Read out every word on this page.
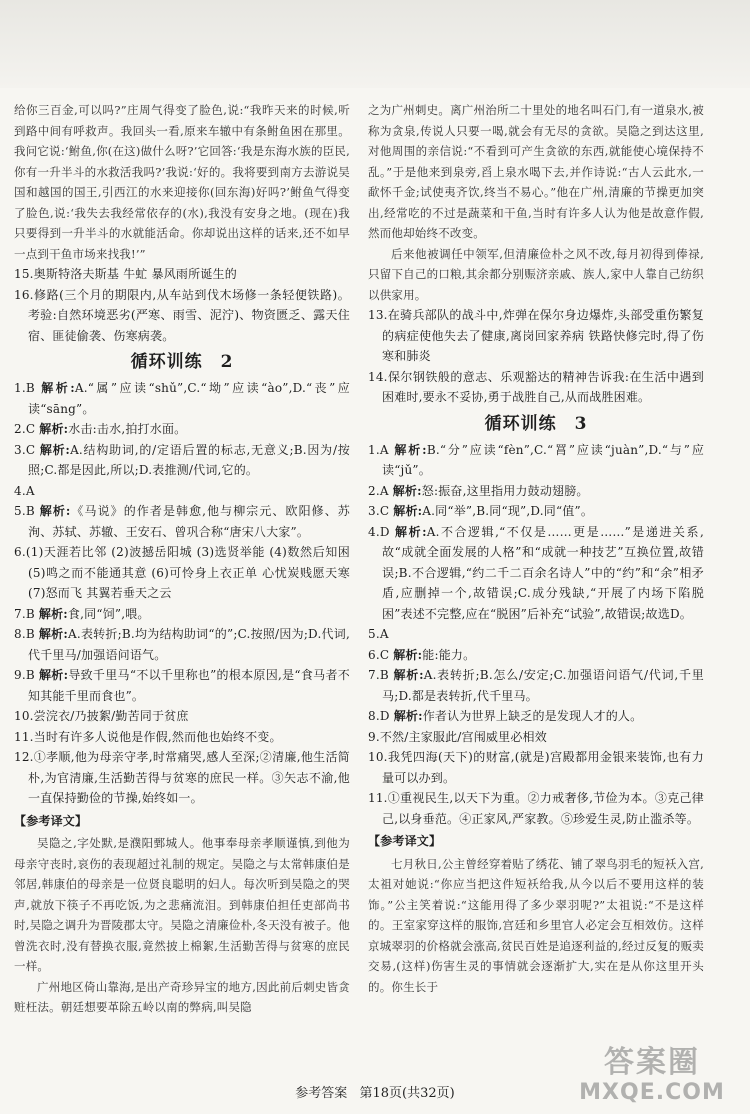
给你三百金,可以吗?”庄周气得变了脸色,说:“我昨天来的时候,听到路中间有呼救声。我回头一看,原来车辙中有条鲋鱼困在那里。我问它说:‘鲋鱼,你(在这)做什么呀?’它回答:‘我是东海水族的臣民,你有一升半斗的水救活我吗?’我说:‘好的。我将要到南方去游说吴国和越国的国王,引西江的水来迎接你(回东海)好吗?’鲋鱼气得变了脸色,说:‘我失去我经常依存的(水),我没有安身之地。(现在)我只要得到一升半斗的水就能活命。你却说出这样的话来,还不如早一点到干鱼市场来找我!’”

15.奥斯特洛夫斯基 牛虻 暴风雨所诞生的

16.修路(三个月的期限内,从车站到伐木场修一条轻便铁路)。考验:自然环境恶劣(严寒、雨雪、泥泞)、物资匮乏、露天住宿、匪徒偷袭、伤寒病袭。

循环训练 2

1.B 解析:A.“属”应读“shǔ”,C.“坳”应读“ào”,D.“丧”应读“sāng”。

2.C 解析:水击:击水,拍打水面。

3.C 解析:A.结构助词,的/定语后置的标志,无意义;B.因为/按照;C.都是因此,所以;D.表推测/代词,它的。

4.A

5.B 解析:《马说》的作者是韩愈,他与柳宗元、欧阳修、苏洵、苏轼、苏辙、王安石、曾巩合称“唐宋八大家”。

6.(1)天涯若比邻 (2)波撼岳阳城 (3)选贤举能 (4)数然后知困 (5)鸣之而不能通其意 (6)可怜身上衣正单 心忧炭贱愿天寒 (7)怒而飞 其翼若垂天之云

7.B 解析:食,同“饲”,喂。

8.B 解析:A.表转折;B.均为结构助词“的”;C.按照/因为;D.代词,代千里马/加强语问语气。

9.B 解析:导致千里马“不以千里称也”的根本原因,是“食马者不知其能千里而食也”。

10.尝浣衣/乃披絮/勤苦同于贫庶

11.当时有许多人说他是作假,然而他也始终不变。

12.①孝顺,他为母亲守孝,时常痛哭,感人至深;②清廉,他生活简朴,为官清廉,生活勤苦得与贫寒的庶民一样。③矢志不渝,他一直保持勤俭的节操,始终如一。

【参考译文】

吴隐之,字处默,是濮阳鄄城人。他事奉母亲孝顺谨慎,到他为母亲守丧时,哀伤的表现超过礼制的规定。吴隐之与太常韩康伯是邻居,韩康伯的母亲是一位贤良聪明的妇人。每次听到吴隐之的哭声,就放下筷子不再吃饭,为之悲痛流泪。到韩康伯担任吏部尚书时,吴隐之调升为晋陵郡太守。吴隐之清廉俭朴,冬天没有被子。他曾洗衣时,没有替换衣服,竟然披上棉絮,生活勤苦得与贫寒的庶民一样。

广州地区倚山靠海,是出产奇珍异宝的地方,因此前后刺史皆贪赃枉法。朝廷想要革除五岭以南的弊病,叫吴隐

之为广州刺史。离广州治所二十里处的地名叫石门,有一道泉水,被称为贪泉,传说人只要一喝,就会有无尽的贪欲。吴隐之到达这里,对他周围的亲信说:“不看到可产生贪欲的东西,就能使心境保持不乱。”于是他来到泉旁,舀上泉水喝下去,并作诗说:“古人云此水,一歃怀千金;试使夷齐饮,终当不易心。”他在广州,清廉的节操更加突出,经常吃的不过是蔬菜和干鱼,当时有许多人认为他是故意作假,然而他却始终不改变。

后来他被调任中领军,但清廉俭朴之风不改,每月初得到俸禄,只留下自己的口粮,其余都分别赈济亲戚、族人,家中人靠自己纺织以供家用。

13.在骑兵部队的战斗中,炸弹在保尔身边爆炸,头部受重伤繁复的病症使他失去了健康,离岗回家养病 铁路快修完时,得了伤寒和肺炎

14.保尔钢铁般的意志、乐观豁达的精神告诉我:在生活中遇到困难时,要永不妥协,勇于战胜自己,从而战胜困难。

循环训练 3

1.A 解析:B.“分”应读“fèn”,C.“罥”应读“juàn”,D.“与”应读“jǔ”。

2.A 解析:怒:振奋,这里指用力鼓动翅膀。

3.C 解析:A.同“举”,B.同“现”,D.同“值”。

4.D 解析:A.不合逻辑,“不仅是……更是……”是递进关系,故“成就全面发展的人格”和“成就一种技艺”互换位置,故错误;B.不合逻辑,“约二千二百余名诗人”中的“约”和“余”相矛盾,应删掉一个,故错误;C.成分残缺,“开展了内场下陷脱困”表述不完整,应在“脱困”后补充“试验”,故错误;故选D。

5.A

6.C 解析:能:能力。

7.B 解析:A.表转折;B.怎么/安定;C.加强语问语气/代词,千里马;D.都是表转折,代千里马。

8.D 解析:作者认为世界上缺乏的是发现人才的人。

9.不然/主家服此/宫闱威里必相效

10.我凭四海(天下)的财富,(就是)宫殿都用金银来装饰,也有力量可以办到。

11.①重视民生,以天下为重。②力戒奢侈,节俭为本。③克己律己,以身垂范。④正家风,严家教。⑤珍爱生灵,防止滥杀等。

【参考译文】

七月秋日,公主曾经穿着贴了绣花、铺了翠鸟羽毛的短袄入宫,太祖对她说:“你应当把这件短袄给我,从今以后不要用这样的装饰。”公主笑着说:“这能用得了多少翠羽呢?”太祖说:“不是这样的。王室家穿这样的服饰,宫廷和乡里官人必定会互相效仿。这样京城翠羽的价格就会涨高,贫民百姓是追逐利益的,经过反复的贩卖交易,(这样)伤害生灵的事情就会逐渐扩大,实在是从你这里开头的。你生长于

参考答案 第18页(共32页)
答案圈
MXQE.COM
